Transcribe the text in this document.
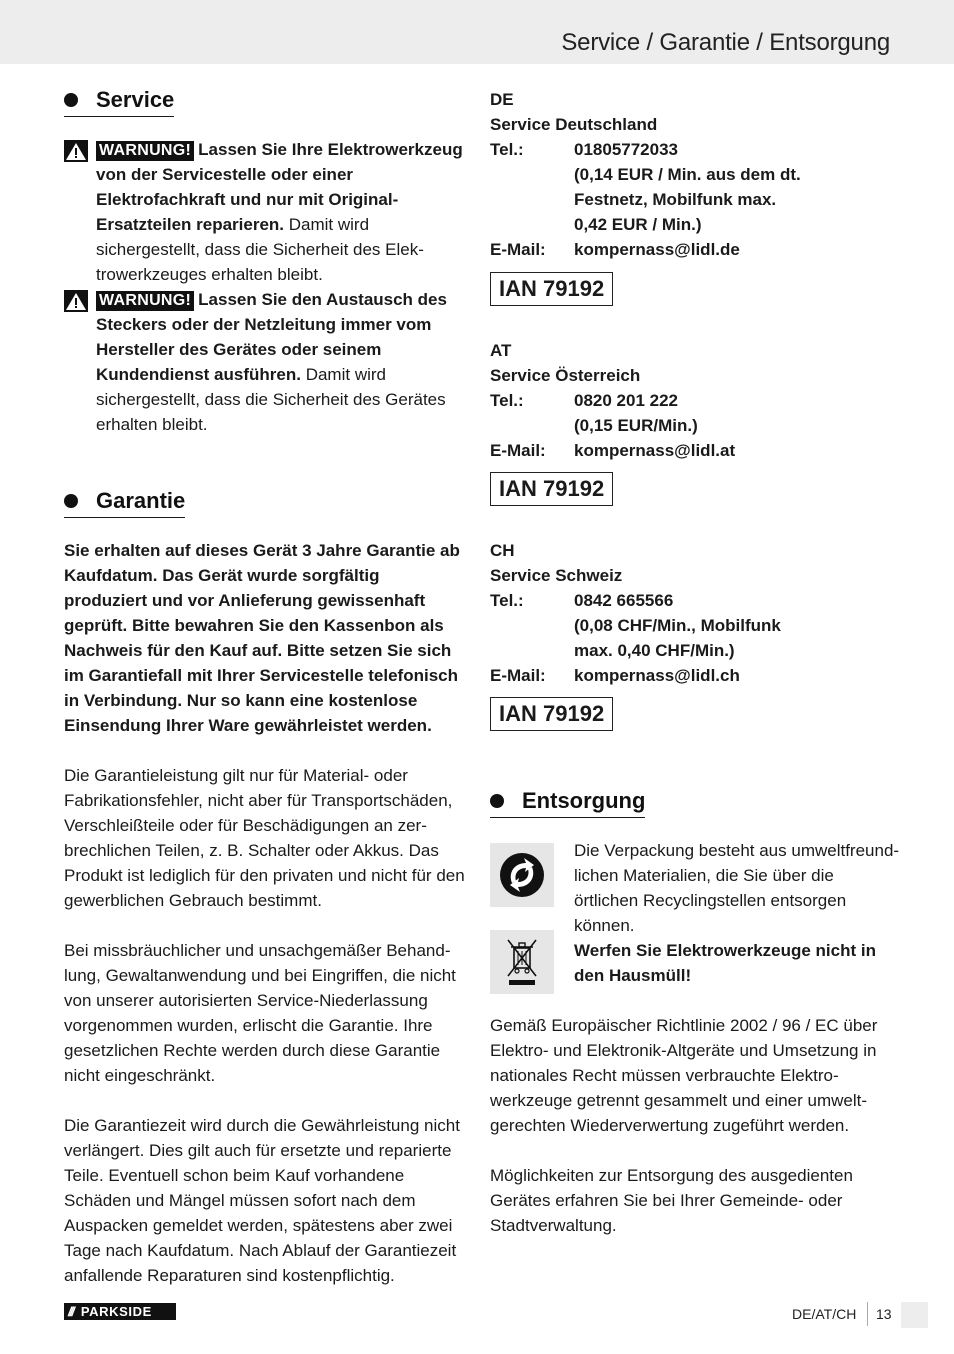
Service / Garantie / Entsorgung
Service
WARNUNG! Lassen Sie Ihre Elektrowerkzeug von der Servicestelle oder einer Elektrofachkraft und nur mit Original-Ersatzteilen reparieren. Damit wird sichergestellt, dass die Sicherheit des Elektrowerkzeuges erhalten bleibt.
WARNUNG! Lassen Sie den Austausch des Steckers oder der Netzleitung immer vom Hersteller des Gerätes oder seinem Kundendienst ausführen. Damit wird sichergestellt, dass die Sicherheit des Gerätes erhalten bleibt.
Garantie
Sie erhalten auf dieses Gerät 3 Jahre Garantie ab Kaufdatum. Das Gerät wurde sorgfältig produziert und vor Anlieferung gewissenhaft geprüft. Bitte bewahren Sie den Kassenbon als Nachweis für den Kauf auf. Bitte setzen Sie sich im Garantiefall mit Ihrer Servicestelle telefonisch in Verbindung. Nur so kann eine kostenlose Einsendung Ihrer Ware gewährleistet werden.
Die Garantieleistung gilt nur für Material- oder Fabrikationsfehler, nicht aber für Transportschäden, Verschleißteile oder für Beschädigungen an zerbrechlichen Teilen, z. B. Schalter oder Akkus. Das Produkt ist lediglich für den privaten und nicht für den gewerblichen Gebrauch bestimmt.
Bei missbräuchlicher und unsachgemäßer Behandlung, Gewaltanwendung und bei Eingriffen, die nicht von unserer autorisierten Service-Niederlassung vorgenommen wurden, erlischt die Garantie. Ihre gesetzlichen Rechte werden durch diese Garantie nicht eingeschränkt.
Die Garantiezeit wird durch die Gewährleistung nicht verlängert. Dies gilt auch für ersetzte und reparierte Teile. Eventuell schon beim Kauf vorhandene Schäden und Mängel müssen sofort nach dem Auspacken gemeldet werden, spätestens aber zwei Tage nach Kaufdatum. Nach Ablauf der Garantiezeit anfallende Reparaturen sind kostenpflichtig.
DE
Service Deutschland
Tel.:	01805772033
(0,14 EUR / Min. aus dem dt.
Festnetz, Mobilfunk max.
0,42 EUR / Min.)
E-Mail: kompernass@lidl.de
IAN 79192
AT
Service Österreich
Tel.:	0820 201 222
(0,15 EUR/Min.)
E-Mail: kompernass@lidl.at
IAN 79192
CH
Service Schweiz
Tel.:	0842 665566
(0,08 CHF/Min., Mobilfunk
max. 0,40 CHF/Min.)
E-Mail: kompernass@lidl.ch
IAN 79192
Entsorgung
Die Verpackung besteht aus umweltfreundlichen Materialien, die Sie über die örtlichen Recyclingstellen entsorgen können.
Werfen Sie Elektrowerkzeuge nicht in den Hausmüll!
Gemäß Europäischer Richtlinie 2002 / 96 / EC über Elektro- und Elektronik-Altgeräte und Umsetzung in nationales Recht müssen verbrauchte Elektrowerkzeuge getrennt gesammelt und einer umweltgerechten Wiederverwertung zugeführt werden.
Möglichkeiten zur Entsorgung des ausgedienten Gerätes erfahren Sie bei Ihrer Gemeinde- oder Stadtverwaltung.
/// PARKSIDE	DE/AT/CH 13
